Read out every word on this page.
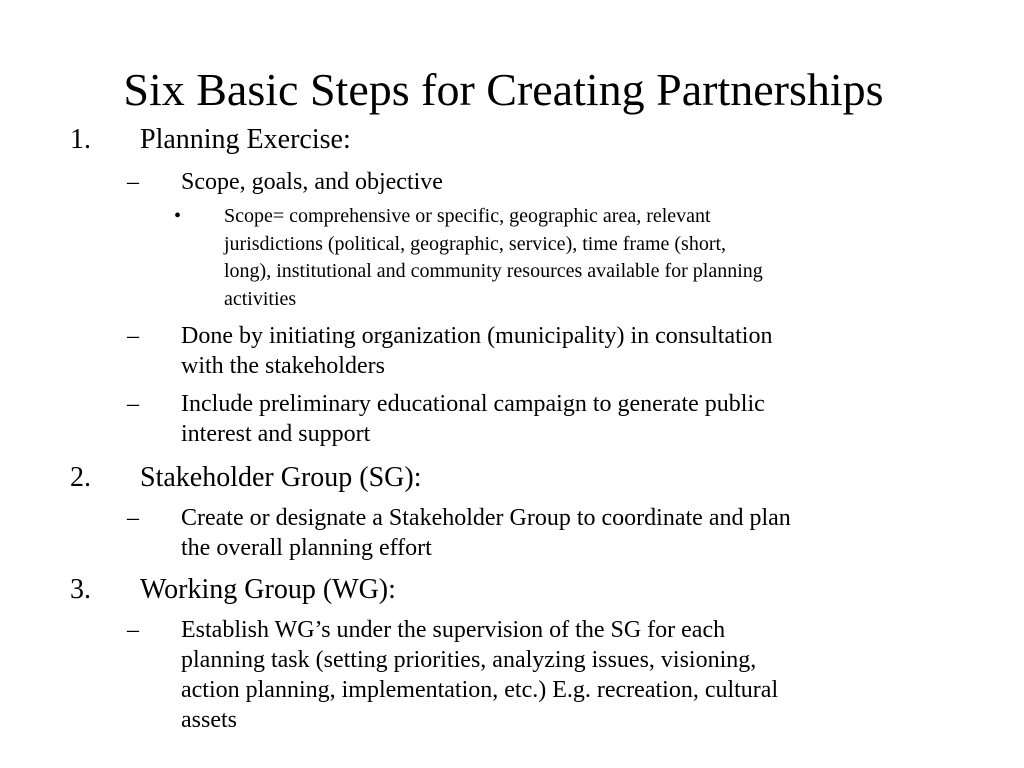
Six Basic Steps for Creating Partnerships
1. Planning Exercise:
– Scope, goals, and objective
• Scope= comprehensive or specific, geographic area, relevant
jurisdictions (political, geographic, service), time frame (short,
long), institutional and community resources available for planning
activities
– Done by initiating organization (municipality) in consultation
with the stakeholders
– Include preliminary educational campaign to generate public
interest and support
2. Stakeholder Group (SG):
– Create or designate a Stakeholder Group to coordinate and plan
the overall planning effort
3. Working Group (WG):
– Establish WG’s under the supervision of the SG for each
planning task (setting priorities, analyzing issues, visioning,
action planning, implementation, etc.) E.g. recreation, cultural
assets
